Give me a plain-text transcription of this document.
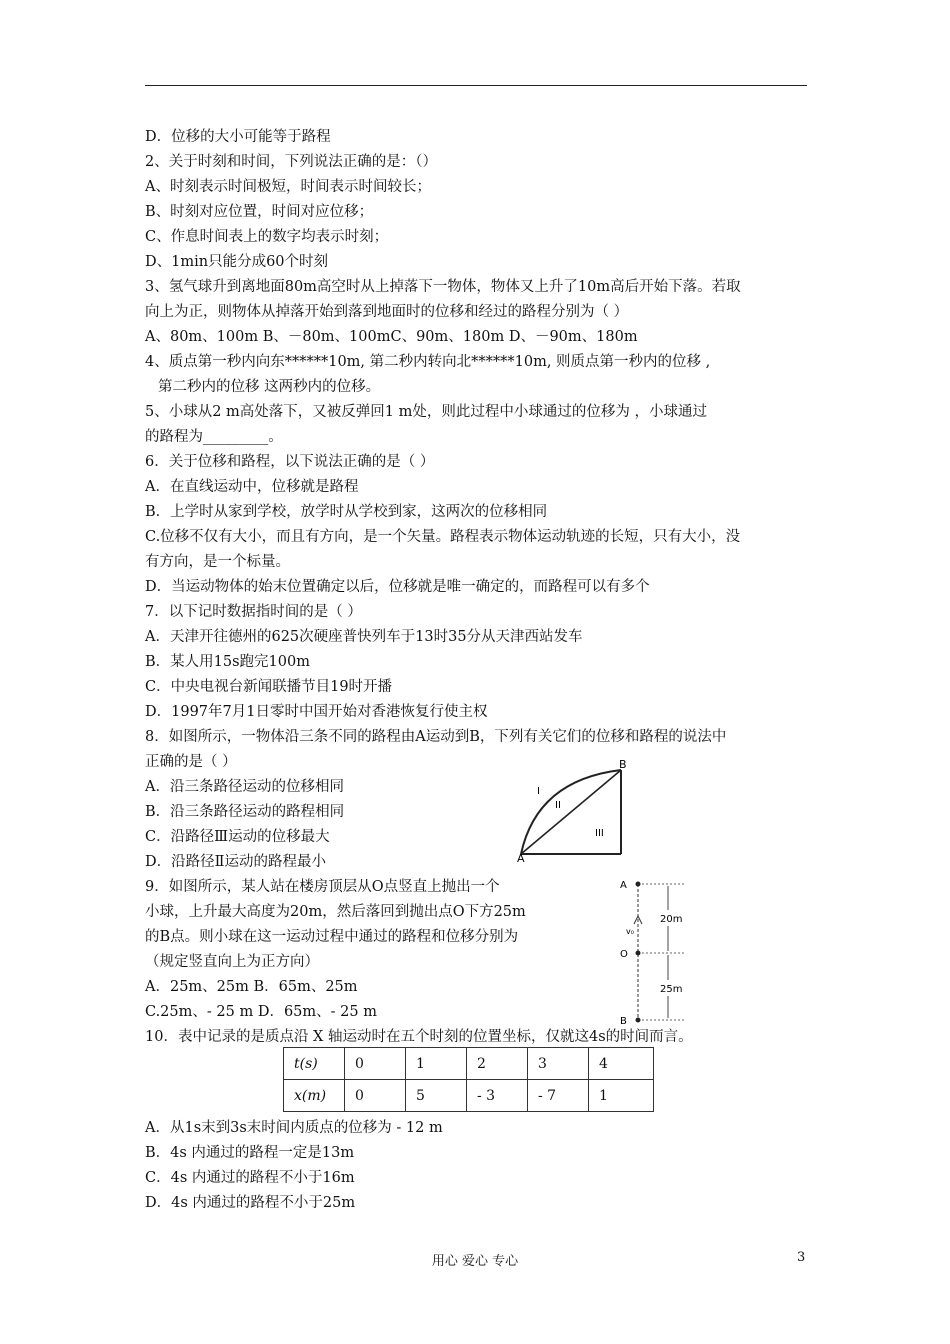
D．位移的大小可能等于路程
2、关于时刻和时间，下列说法正确的是：（）
A、时刻表示时间极短，时间表示时间较长；
B、时刻对应位置，时间对应位移；
C、作息时间表上的数字均表示时刻；
D、1min只能分成60个时刻
3、氢气球升到离地面80m高空时从上掉落下一物体，物体又上升了10m高后开始下落。若取
向上为正，则物体从掉落开始到落到地面时的位移和经过的路程分别为（ ）
A、80m、100m B、－80m、100mC、90m、180m D、－90m、180m
4、质点第一秒内向东******10m, 第二秒内转向北******10m, 则质点第一秒内的位移 ,
第二秒内的位移 这两秒内的位移。
5、小球从2 m高处落下，又被反弹回1 m处，则此过程中小球通过的位移为 ，小球通过
的路程为_________。
6．关于位移和路程，以下说法正确的是（ ）
A．在直线运动中，位移就是路程
B．上学时从家到学校，放学时从学校到家，这两次的位移相同
C.位移不仅有大小，而且有方向，是一个矢量。路程表示物体运动轨迹的长短，只有大小，没
有方向，是一个标量。
D．当运动物体的始末位置确定以后，位移就是唯一确定的，而路程可以有多个
7．以下记时数据指时间的是（ ）
A．天津开往德州的625次硬座普快列车于13时35分从天津西站发车
B．某人用15s跑完100m
C．中央电视台新闻联播节目19时开播
D．1997年7月1日零时中国开始对香港恢复行使主权
8．如图所示，一物体沿三条不同的路程由A运动到B，下列有关它们的位移和路程的说法中
正确的是（ ）
A．沿三条路径运动的位移相同
B．沿三条路径运动的路程相同
C．沿路径Ⅲ运动的位移最大
D．沿路径Ⅱ运动的路程最小
9．如图所示，某人站在楼房顶层从O点竖直上抛出一个
小球，上升最大高度为20m，然后落回到抛出点O下方25m
的B点。则小球在这一运动过程中通过的路程和位移分别为
（规定竖直向上为正方向）
A．25m、25m B．65m、25m
C.25m、- 25 m D．65m、- 25 m
10．表中记录的是质点沿 X 轴运动时在五个时刻的位置坐标，仅就这4s的时间而言。
A．从1s末到3s末时间内质点的位移为 - 12 m
B．4s 内通过的路程一定是13m
C．4s 内通过的路程不小于16m
D．4s 内通过的路程不小于25m
A
B
I
II
III
A
O
B
v₀
20m
25m
t(s)	0	1	2	3	4
x(m)	0	5	- 3	- 7	1
用心 爱心 专心	3
